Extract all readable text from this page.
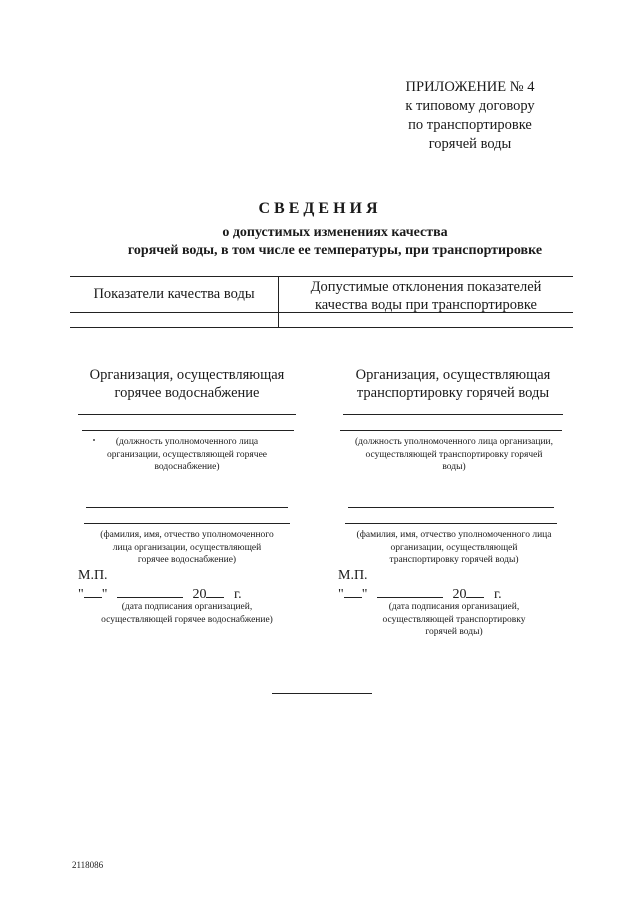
ПРИЛОЖЕНИЕ № 4
к типовому договору
по транспортировке
горячей воды
СВЕДЕНИЯ
о допустимых изменениях качества
горячей воды, в том числе ее температуры, при транспортировке
Показатели качества воды	Допустимые отклонения показателей
качества воды при транспортировке
Организация, осуществляющая
горячее водоснабжение
(должность уполномоченного лица
организации, осуществляющей горячее
водоснабжение)
(фамилия, имя, отчество уполномоченного
лица организации, осуществляющей
горячее водоснабжение)
М.П.
" "	20 г.
(дата подписания организацией,
осуществляющей горячее водоснабжение)
Организация, осуществляющая
транспортировку горячей воды
(должность уполномоченного лица организации,
осуществляющей транспортировку горячей
воды)
(фамилия, имя, отчество уполномоченного лица
организации, осуществляющей
транспортировку горячей воды)
М.П.
" "	20 г.
(дата подписания организацией,
осуществляющей транспортировку
горячей воды)
2118086
